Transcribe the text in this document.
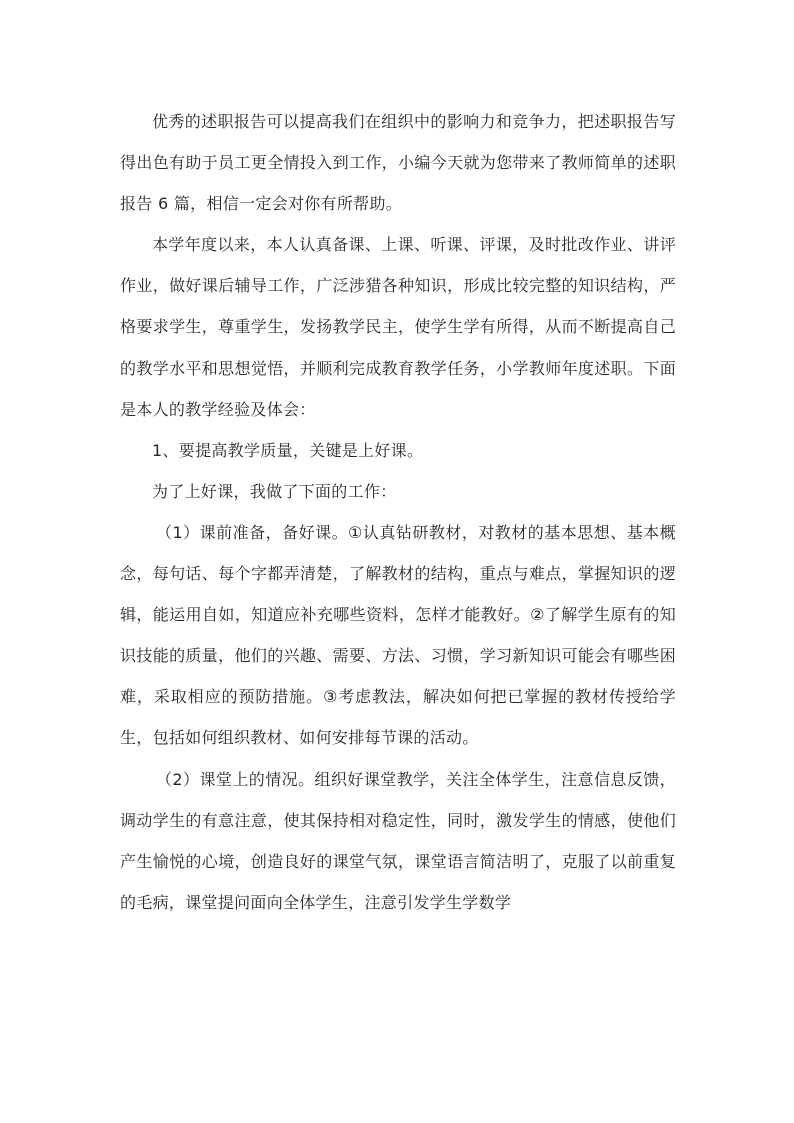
优秀的述职报告可以提高我们在组织中的影响力和竞争力，把述职报告写得出色有助于员工更全情投入到工作，小编今天就为您带来了教师简单的述职报告 6 篇，相信一定会对你有所帮助。

本学年度以来，本人认真备课、上课、听课、评课，及时批改作业、讲评作业，做好课后辅导工作，广泛涉猎各种知识，形成比较完整的知识结构，严格要求学生，尊重学生，发扬教学民主，使学生学有所得，从而不断提高自己的教学水平和思想觉悟，并顺利完成教育教学任务，小学教师年度述职。下面是本人的教学经验及体会：

1、要提高教学质量，关键是上好课。

为了上好课，我做了下面的工作：

（1）课前准备，备好课。①认真钻研教材，对教材的基本思想、基本概念，每句话、每个字都弄清楚，了解教材的结构，重点与难点，掌握知识的逻辑，能运用自如，知道应补充哪些资料，怎样才能教好。②了解学生原有的知识技能的质量，他们的兴趣、需要、方法、习惯，学习新知识可能会有哪些困难，采取相应的预防措施。③考虑教法，解决如何把已掌握的教材传授给学生，包括如何组织教材、如何安排每节课的活动。

（2）课堂上的情况。组织好课堂教学，关注全体学生，注意信息反馈，调动学生的有意注意，使其保持相对稳定性，同时，激发学生的情感，使他们产生愉悦的心境，创造良好的课堂气氛，课堂语言简洁明了，克服了以前重复的毛病，课堂提问面向全体学生，注意引发学生学数学
